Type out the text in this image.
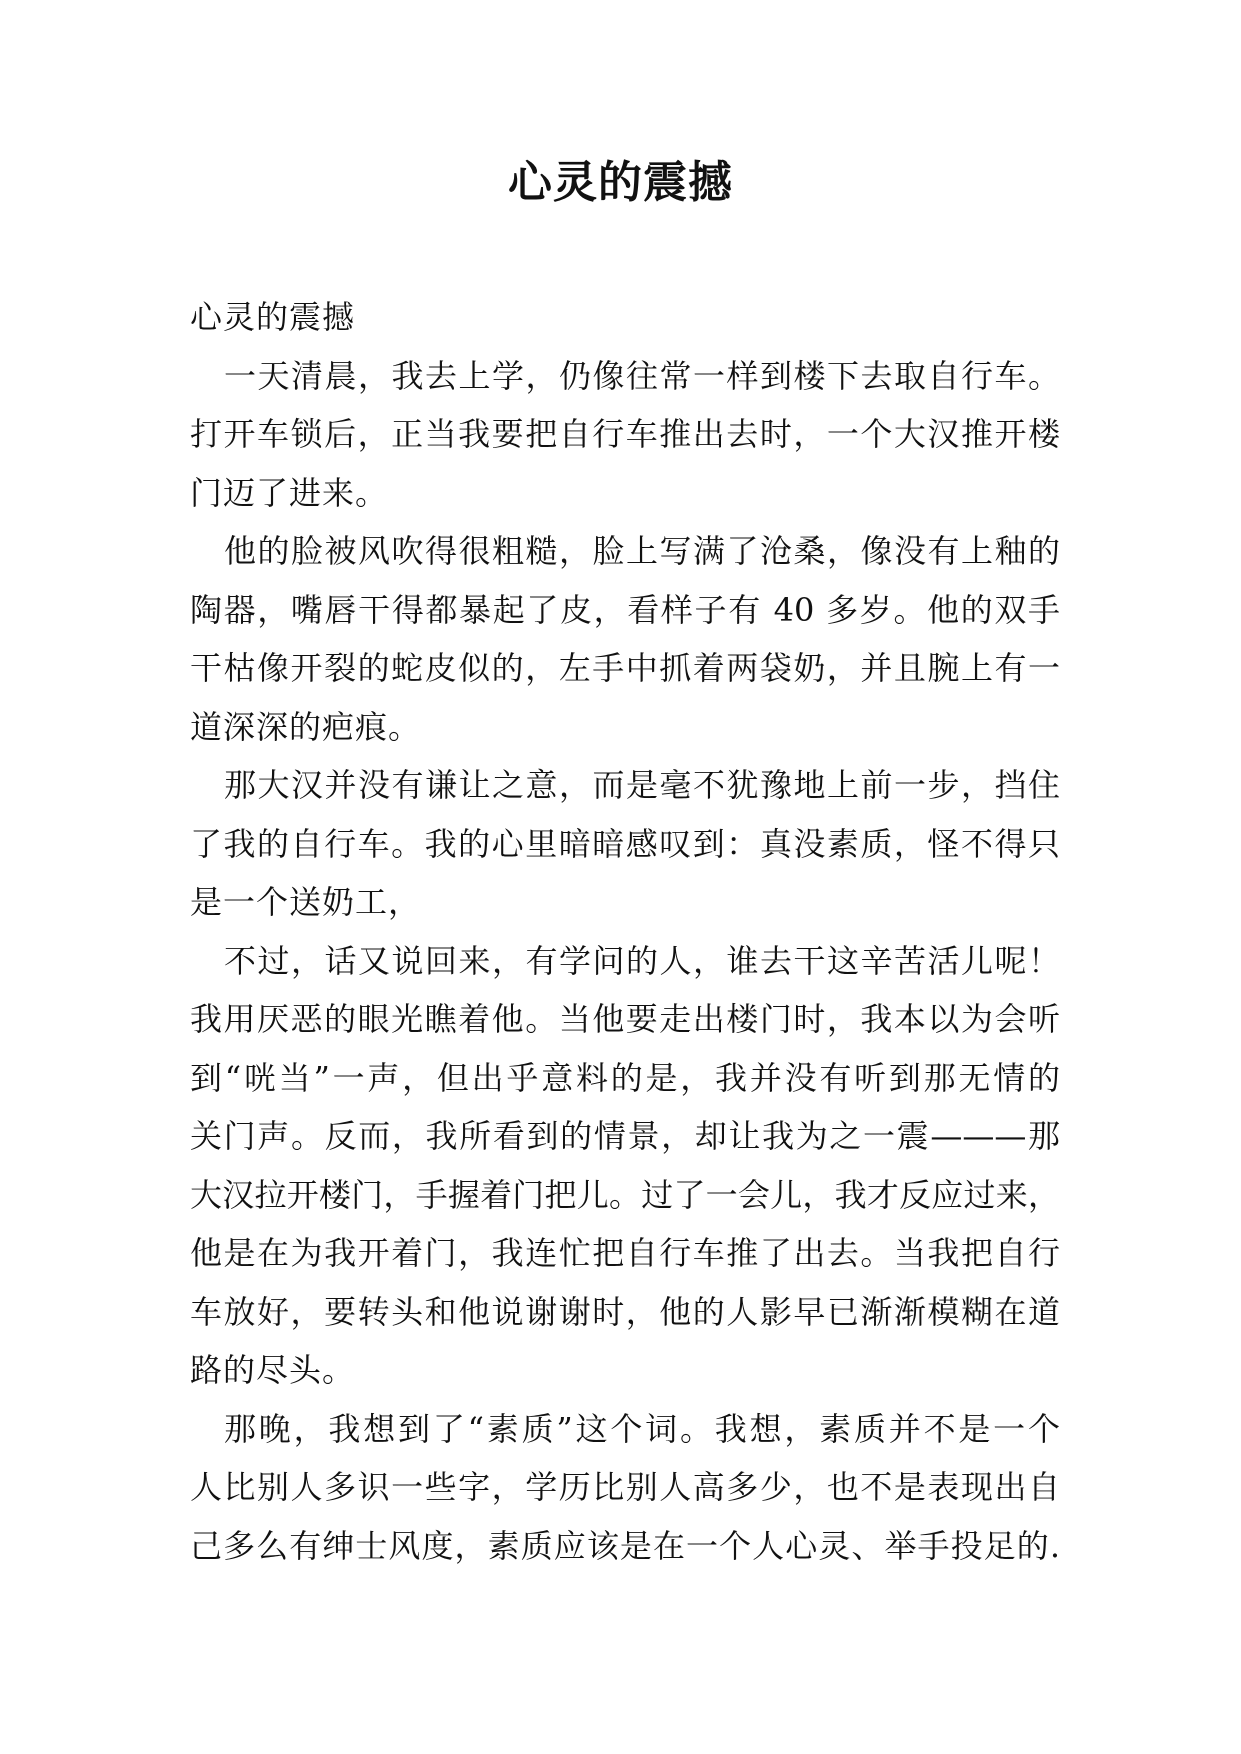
心灵的震撼
心灵的震撼
一天清晨，我去上学，仍像往常一样到楼下去取自行车。
打开车锁后，正当我要把自行车推出去时，一个大汉推开楼
门迈了进来。
他的脸被风吹得很粗糙，脸上写满了沧桑，像没有上釉的
陶器，嘴唇干得都暴起了皮，看样子有 40 多岁。他的双手
干枯像开裂的蛇皮似的，左手中抓着两袋奶，并且腕上有一
道深深的疤痕。
那大汉并没有谦让之意，而是毫不犹豫地上前一步，挡住
了我的自行车。我的心里暗暗感叹到：真没素质，怪不得只
是一个送奶工，
不过，话又说回来，有学问的人，谁去干这辛苦活儿呢！
我用厌恶的眼光瞧着他。当他要走出楼门时，我本以为会听
到“咣当”一声，但出乎意料的是，我并没有听到那无情的
关门声。反而，我所看到的情景，却让我为之一震———那
大汉拉开楼门，手握着门把儿。过了一会儿，我才反应过来，
他是在为我开着门，我连忙把自行车推了出去。当我把自行
车放好，要转头和他说谢谢时，他的人影早已渐渐模糊在道
路的尽头。
那晚，我想到了“素质”这个词。我想，素质并不是一个
人比别人多识一些字，学历比别人高多少，也不是表现出自
己多么有绅士风度，素质应该是在一个人心灵、举手投足的.
